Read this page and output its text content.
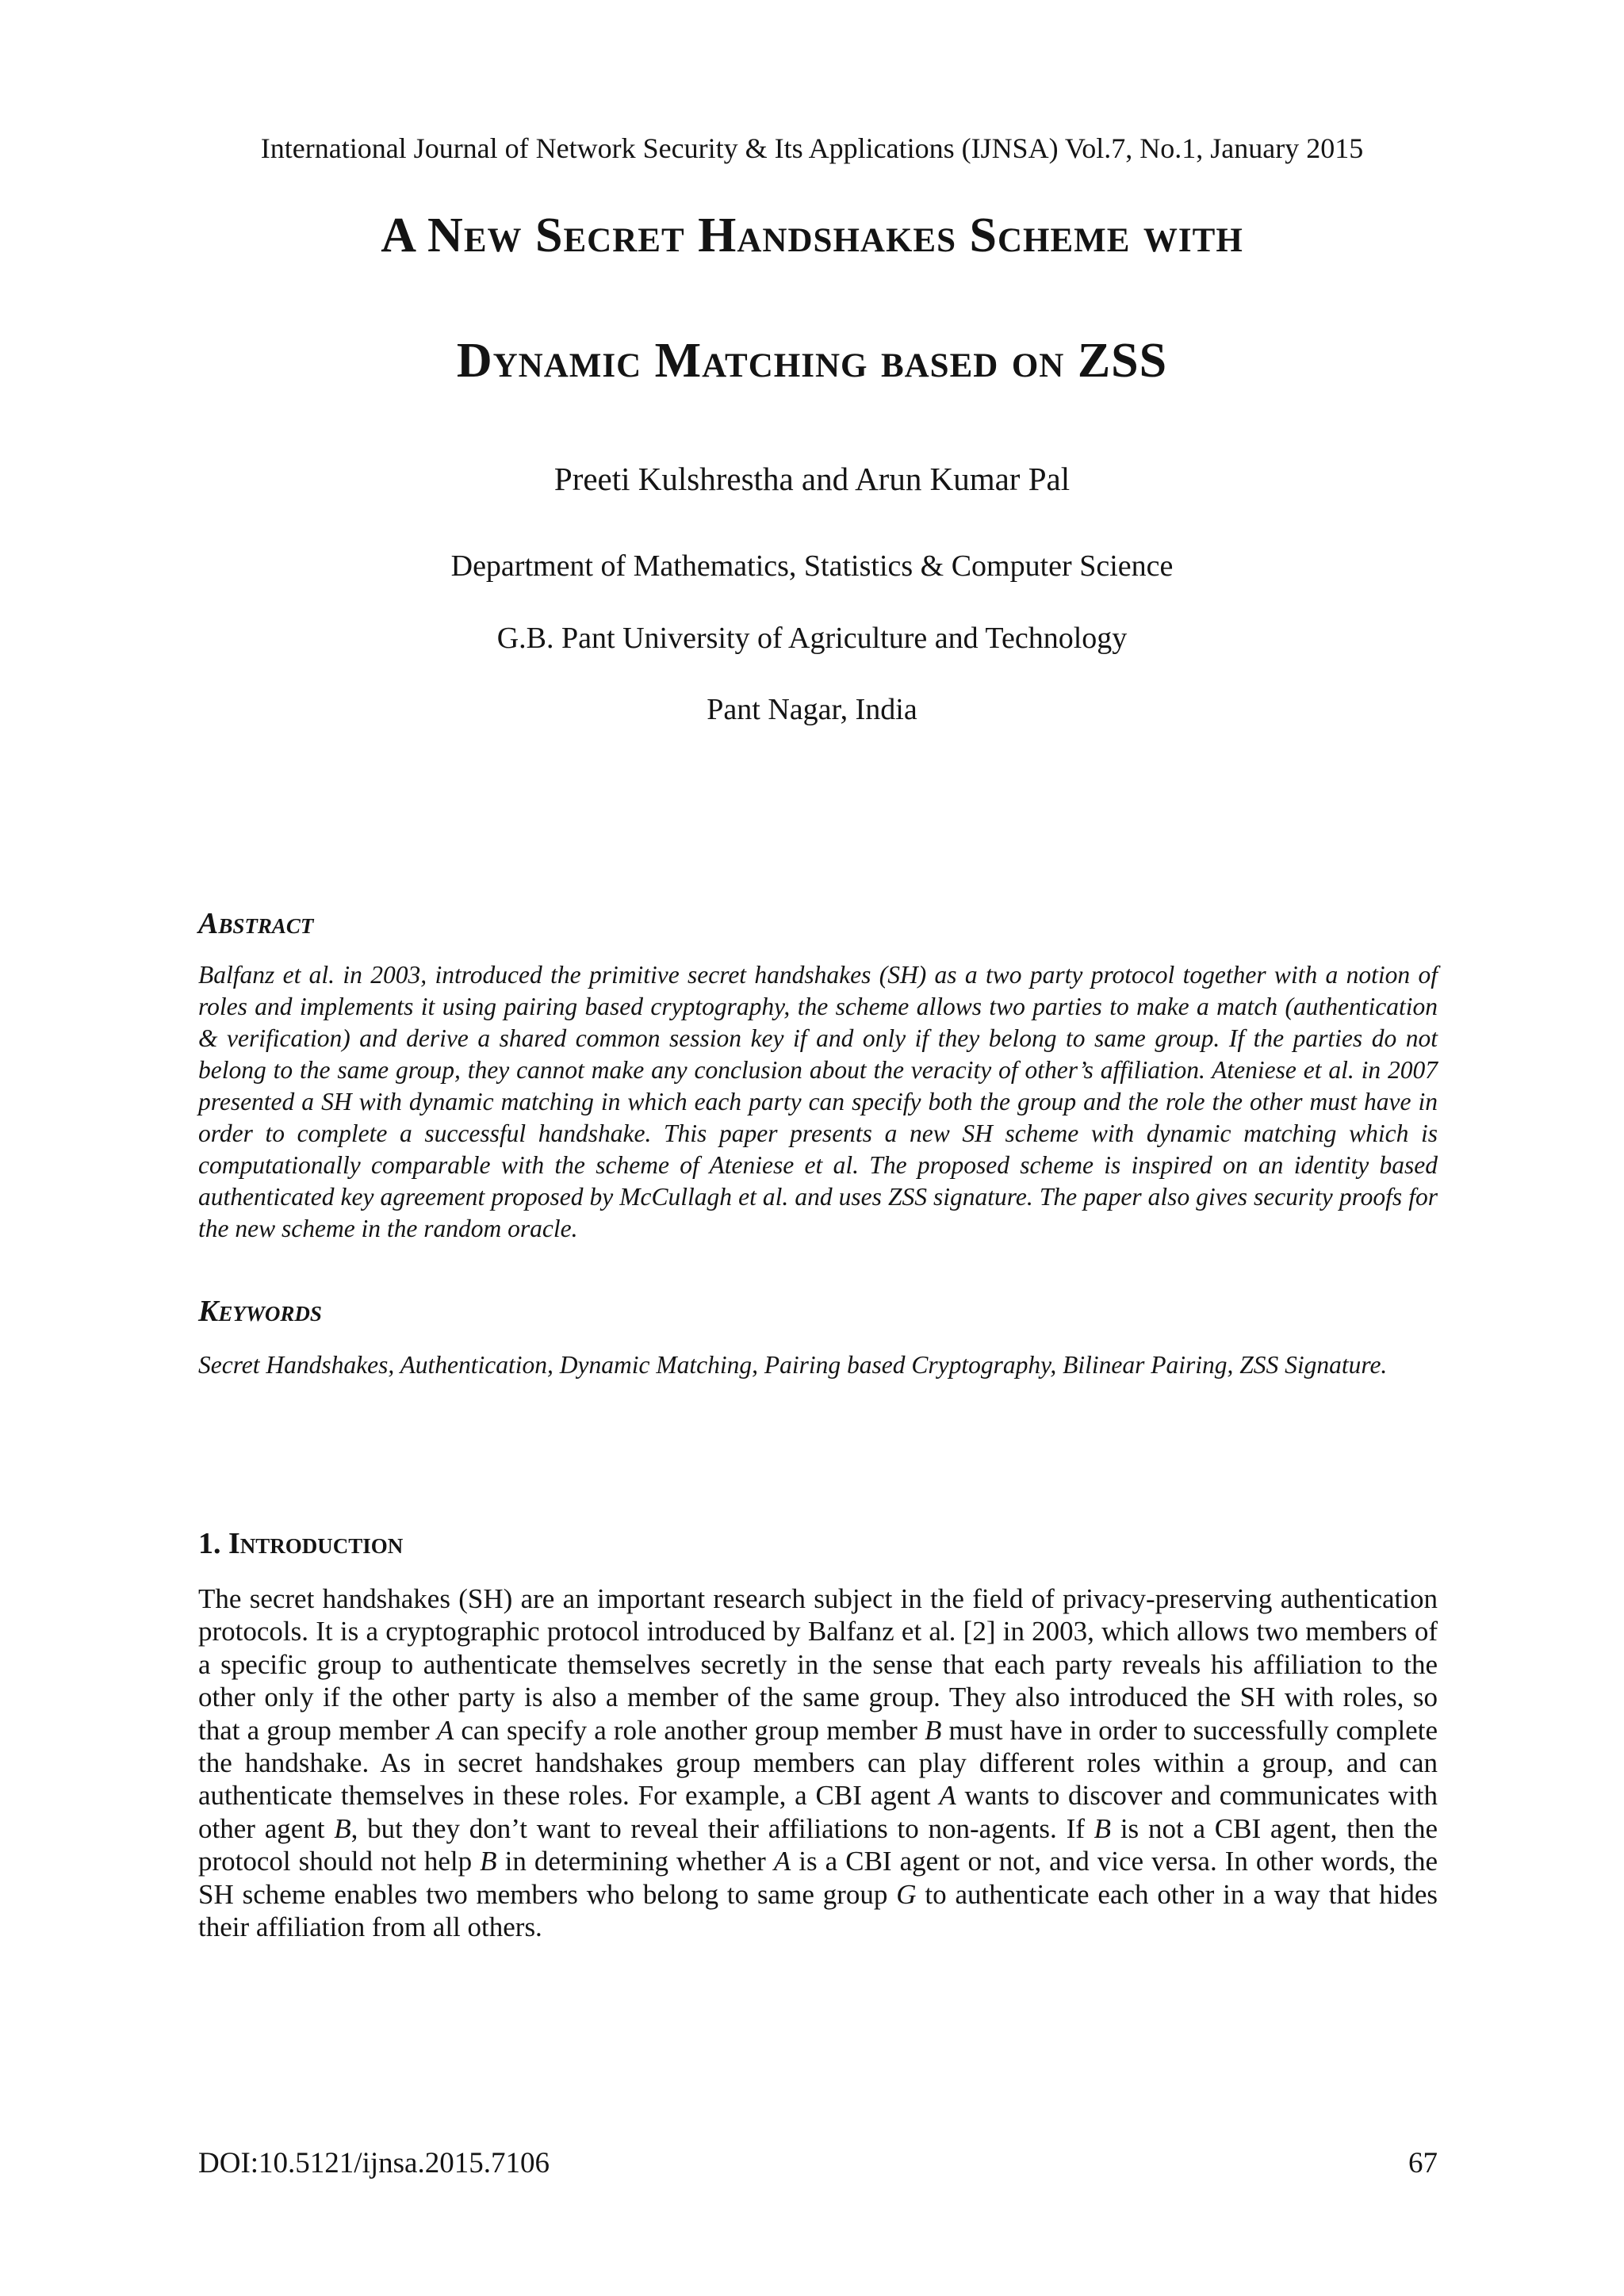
International Journal of Network Security & Its Applications (IJNSA) Vol.7, No.1, January 2015
A New Secret Handshakes Scheme with
Dynamic Matching based on ZSS
Preeti Kulshrestha and Arun Kumar Pal
Department of Mathematics, Statistics & Computer Science
G.B. Pant University of Agriculture and Technology
Pant Nagar, India
Abstract
Balfanz et al. in 2003, introduced the primitive secret handshakes (SH) as a two party protocol together with a notion of roles and implements it using pairing based cryptography, the scheme allows two parties to make a match (authentication & verification) and derive a shared common session key if and only if they belong to same group. If the parties do not belong to the same group, they cannot make any conclusion about the veracity of other’s affiliation. Ateniese et al. in 2007 presented a SH with dynamic matching in which each party can specify both the group and the role the other must have in order to complete a successful handshake. This paper presents a new SH scheme with dynamic matching which is computationally comparable with the scheme of Ateniese et al. The proposed scheme is inspired on an identity based authenticated key agreement proposed by McCullagh et al. and uses ZSS signature. The paper also gives security proofs for the new scheme in the random oracle.
Keywords
Secret Handshakes, Authentication, Dynamic Matching, Pairing based Cryptography, Bilinear Pairing, ZSS Signature.
1. Introduction
The secret handshakes (SH) are an important research subject in the field of privacy-preserving authentication protocols. It is a cryptographic protocol introduced by Balfanz et al. [2] in 2003, which allows two members of a specific group to authenticate themselves secretly in the sense that each party reveals his affiliation to the other only if the other party is also a member of the same group. They also introduced the SH with roles, so that a group member A can specify a role another group member B must have in order to successfully complete the handshake. As in secret handshakes group members can play different roles within a group, and can authenticate themselves in these roles. For example, a CBI agent A wants to discover and communicates with other agent B, but they don’t want to reveal their affiliations to non-agents. If B is not a CBI agent, then the protocol should not help B in determining whether A is a CBI agent or not, and vice versa. In other words, the SH scheme enables two members who belong to same group G to authenticate each other in a way that hides their affiliation from all others.
DOI:10.5121/ijnsa.2015.7106	67
